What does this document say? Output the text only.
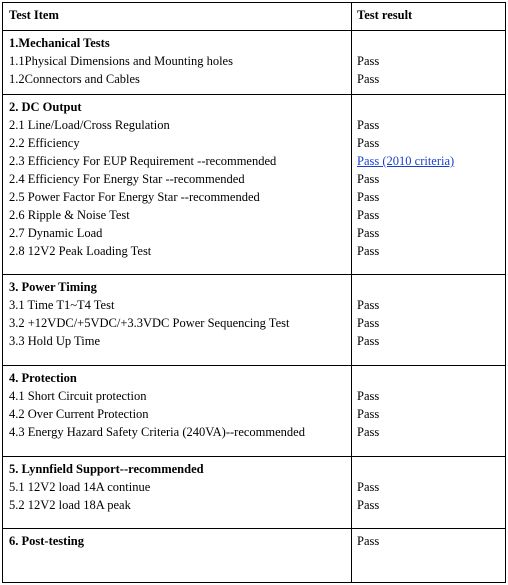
Test Item	Test result
1.Mechanical Tests
1.1Physical Dimensions and Mounting holes
1.2Connectors and Cables
Pass
Pass
2. DC Output
2.1 Line/Load/Cross Regulation
2.2 Efficiency
2.3 Efficiency For EUP Requirement --recommended
2.4 Efficiency For Energy Star --recommended
2.5 Power Factor For Energy Star --recommended
2.6 Ripple & Noise Test
2.7 Dynamic Load
2.8 12V2 Peak Loading Test
Pass
Pass
Pass (2010 criteria)
Pass
Pass
Pass
Pass
Pass
3. Power Timing
3.1 Time T1~T4 Test
3.2 +12VDC/+5VDC/+3.3VDC Power Sequencing Test
3.3 Hold Up Time
Pass
Pass
Pass
4. Protection
4.1 Short Circuit protection
4.2 Over Current Protection
4.3 Energy Hazard Safety Criteria (240VA)--recommended
Pass
Pass
Pass
5. Lynnfield Support--recommended
5.1 12V2 load 14A continue
5.2 12V2 load 18A peak
Pass
Pass
6. Post-testing	Pass
